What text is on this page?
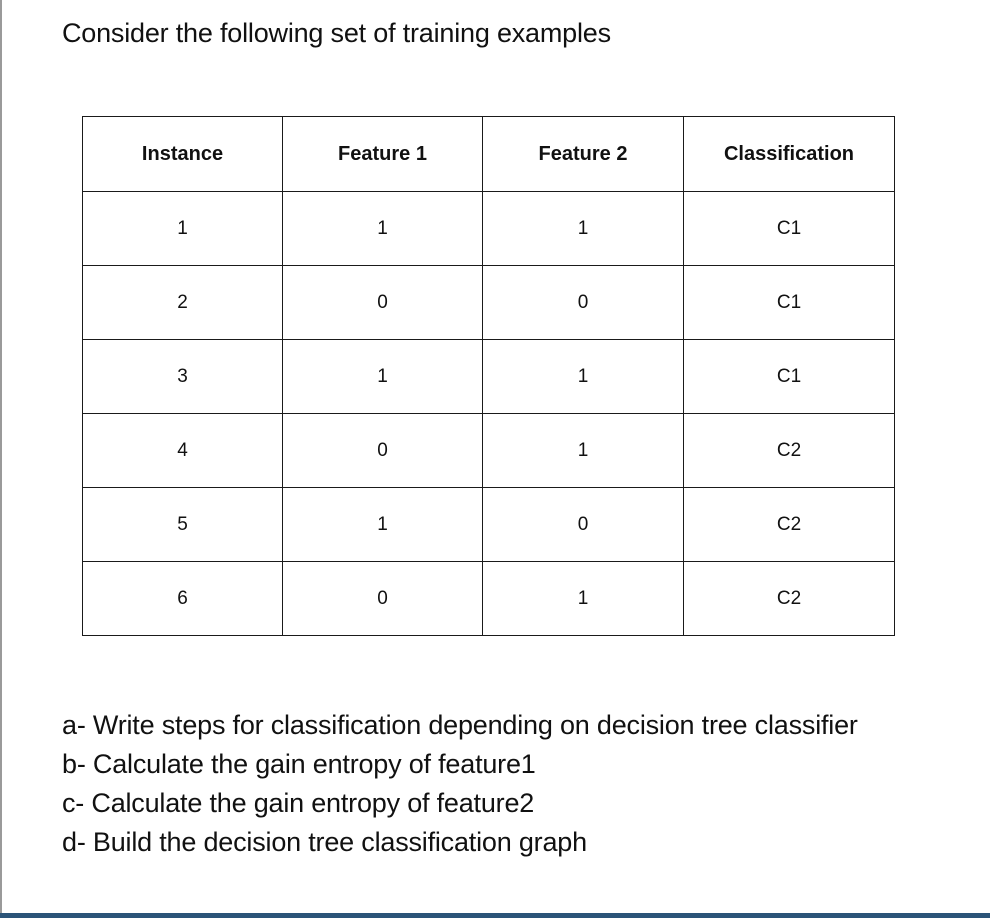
Consider the following set of training examples

Instance	Feature 1	Feature 2	Classification
1	1	1	C1
2	0	0	C1
3	1	1	C1
4	0	1	C2
5	1	0	C2
6	0	1	C2
a- Write steps for classification depending on decision tree classifier
b- Calculate the gain entropy of feature1
c- Calculate the gain entropy of feature2
d- Build the decision tree classification graph
